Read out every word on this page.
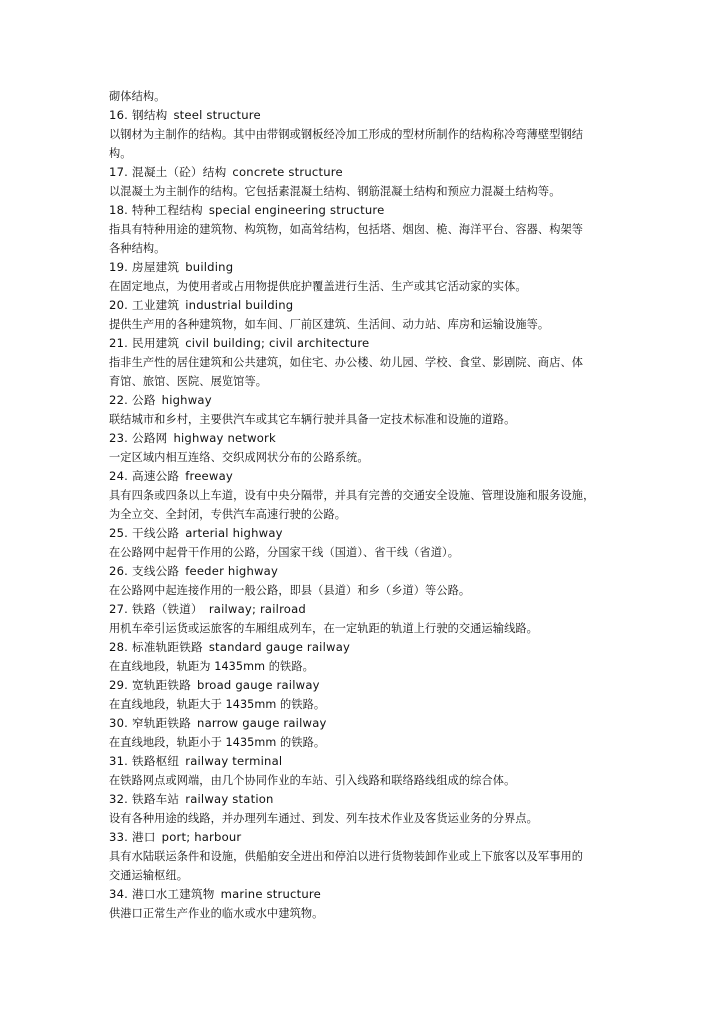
砌体结构。

16. 钢结构 steel structure

以钢材为主制作的结构。其中由带钢或钢板经冷加工形成的型材所制作的结构称冷弯薄壁型钢结

构。

17. 混凝土（砼）结构 concrete structure

以混凝土为主制作的结构。它包括素混凝土结构、钢筋混凝土结构和预应力混凝土结构等。

18. 特种工程结构 special engineering structure

指具有特种用途的建筑物、构筑物，如高耸结构，包括塔、烟囱、桅、海洋平台、容器、构架等

各种结构。

19. 房屋建筑 building

在固定地点，为使用者或占用物提供庇护覆盖进行生活、生产或其它活动家的实体。

20. 工业建筑 industrial building

提供生产用的各种建筑物，如车间、厂前区建筑、生活间、动力站、库房和运输设施等。

21. 民用建筑 civil building; civil architecture

指非生产性的居住建筑和公共建筑，如住宅、办公楼、幼儿园、学校、食堂、影剧院、商店、体

育馆、旅馆、医院、展览馆等。

22. 公路 highway

联结城市和乡村，主要供汽车或其它车辆行驶并具备一定技术标准和设施的道路。

23. 公路网 highway network

一定区域内相互连络、交织成网状分布的公路系统。

24. 高速公路 freeway

具有四条或四条以上车道，设有中央分隔带，并具有完善的交通安全设施、管理设施和服务设施，

为全立交、全封闭，专供汽车高速行驶的公路。

25. 干线公路 arterial highway

在公路网中起骨干作用的公路，分国家干线（国道）、省干线（省道）。

26. 支线公路 feeder highway

在公路网中起连接作用的一般公路，即县（县道）和乡（乡道）等公路。

27. 铁路（铁道） railway; railroad

用机车牵引运货或运旅客的车厢组成列车，在一定轨距的轨道上行驶的交通运输线路。

28. 标准轨距铁路 standard gauge railway

在直线地段，轨距为 1435mm 的铁路。

29. 宽轨距铁路 broad gauge railway

在直线地段，轨距大于 1435mm 的铁路。

30. 窄轨距铁路 narrow gauge railway

在直线地段，轨距小于 1435mm 的铁路。

31. 铁路枢纽 railway terminal

在铁路网点或网端，由几个协同作业的车站、引入线路和联络路线组成的综合体。

32. 铁路车站 railway station

设有各种用途的线路，并办理列车通过、到发、列车技术作业及客货运业务的分界点。

33. 港口 port; harbour

具有水陆联运条件和设施，供船舶安全进出和停泊以进行货物装卸作业或上下旅客以及军事用的

交通运输枢纽。

34. 港口水工建筑物 marine structure

供港口正常生产作业的临水或水中建筑物。
